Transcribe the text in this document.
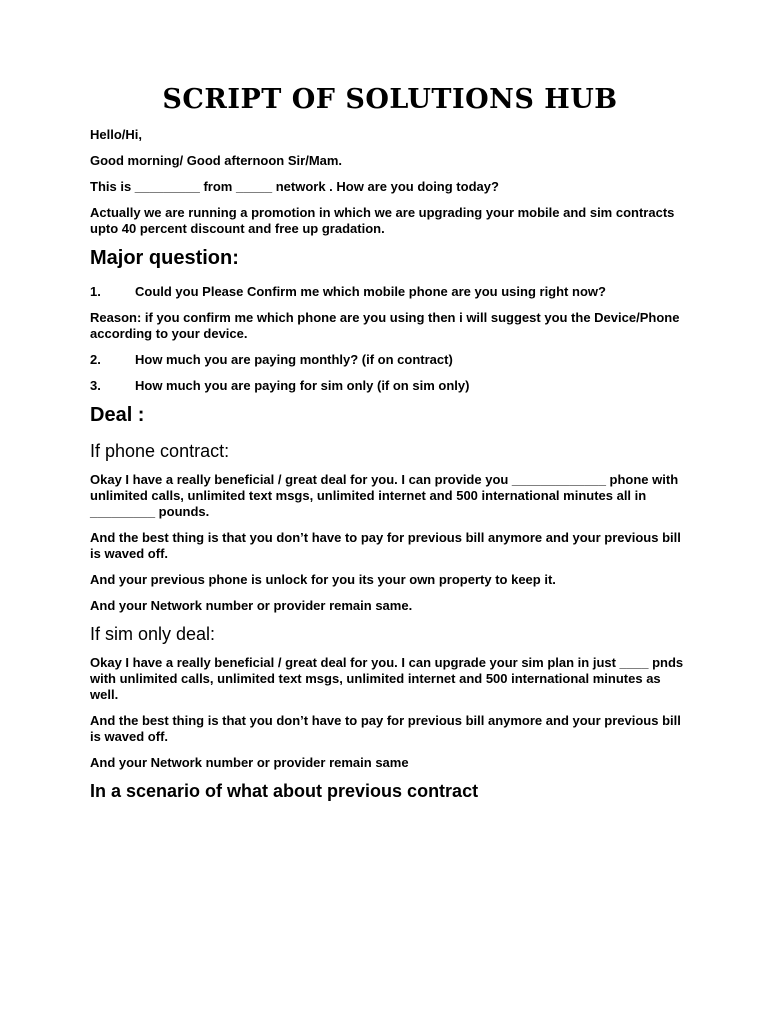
SCRIPT OF SOLUTIONS HUB

Hello/Hi,

Good morning/ Good afternoon Sir/Mam.

This is _________ from _____ network . How are you doing today?

Actually we are running a promotion in which we are upgrading your mobile and sim contracts upto 40 percent discount and free up gradation.

Major question:
1.	Could you Please Confirm me which mobile phone are you using right now?

Reason: if you confirm me which phone are you using then i will suggest you the Device/Phone according to your device.

2.	How much you are paying monthly? (if on contract)
3.	How much you are paying for sim only (if on sim only)
Deal :
If phone contract:

Okay I have a really beneficial / great deal for you. I can provide you _____________ phone with unlimited calls, unlimited text msgs, unlimited internet and 500 international minutes all in _________ pounds.

And the best thing is that you don’t have to pay for previous bill anymore and your previous bill is waved off.

And your previous phone is unlock for you its your own property to keep it.

And your Network number or provider remain same.

If sim only deal:

Okay I have a really beneficial / great deal for you. I can upgrade your sim plan in just ____ pnds with unlimited calls, unlimited text msgs, unlimited internet and 500 international minutes as well.

And the best thing is that you don’t have to pay for previous bill anymore and your previous bill is waved off.

And your Network number or provider remain same

In a scenario of what about previous contract
